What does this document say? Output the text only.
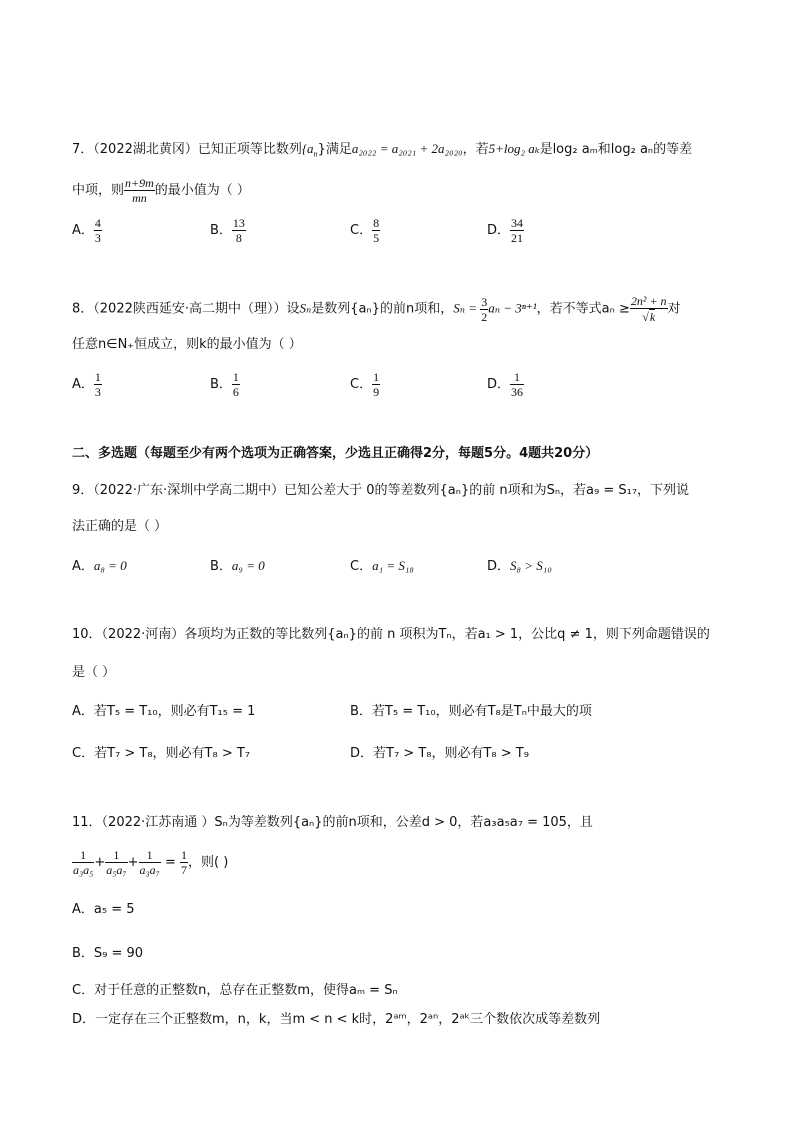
7．（2022湖北黄冈）已知正项等比数列$\{a_n\}$满足a₂₀₂₂ = a₂₀₂₁ + 2a₂₀₂₀，若5+log₂ aₖ是log₂ aₘ和log₂ aₙ的等差
中项，则 $\frac{n+9m}{mn}$ 的最小值为（ ）
A． $\frac{4}{3}$	B． $\frac{13}{8}$	C． $\frac{8}{5}$	D． $\frac{34}{21}$
8．（2022陕西延安·高二期中（理））设Sₙ是数列{aₙ}的前n项和，$S_n = \frac{3}{2}$ aₙ − 3ⁿ⁺¹，若不等式$a_n \ge \frac{\text{2n² + n}}{√k}$ 对
任意n∈N₊恒成立，则k的最小值为（ ）
A． $\frac{1}{3}$	B． $\frac{1}{6}$	C． $\frac{1}{9}$	D． $\frac{1}{36}$
二、多选题（每题至少有两个选项为正确答案，少选且正确得2分，每题5分。4题共20分）
9．（2022·广东·深圳中学高二期中）已知公差大于 0的等差数列{aₙ}的前 n项和为Sₙ，若a₉ = S₁₇，下列说
法正确的是（ ）
A．a₈ = 0	B．a₉ = 0	C．a₁ = S₁₈	D．S₈ > S₁₀
10．（2022·河南）各项均为正数的等比数列{aₙ}的前 n 项积为Tₙ，若a₁ > 1，公比q ≠ 1，则下列命题错误的
是（ ）
A．若T₅ = T₁₀，则必有T₁₅ = 1	B．若T₅ = T₁₀，则必有T₈是Tₙ中最大的项
C．若T₇ > T₈，则必有T₈ > T₇	D．若T₇ > T₈，则必有T₈ > T₉
11．（2022·江苏南通 ）Sₙ为等差数列{aₙ}的前n项和，公差d > 0，若a₃a₅a₇ = 105，且
$\frac{1}{\text{a₃a₅}} + \frac{1}{\text{a₅a₇}} + \frac{1}{\text{a₃a₇}} = \frac{1}{7}$ ，则( )
A．a₅ = 5
B．S₉ = 90
C．对于任意的正整数n，总存在正整数m，使得aₘ = Sₙ
D．一定存在三个正整数m，n，k，当m < n < k时，2ᵃᵐ，2ᵃⁿ，2ᵃᵏ三个数依次成等差数列
